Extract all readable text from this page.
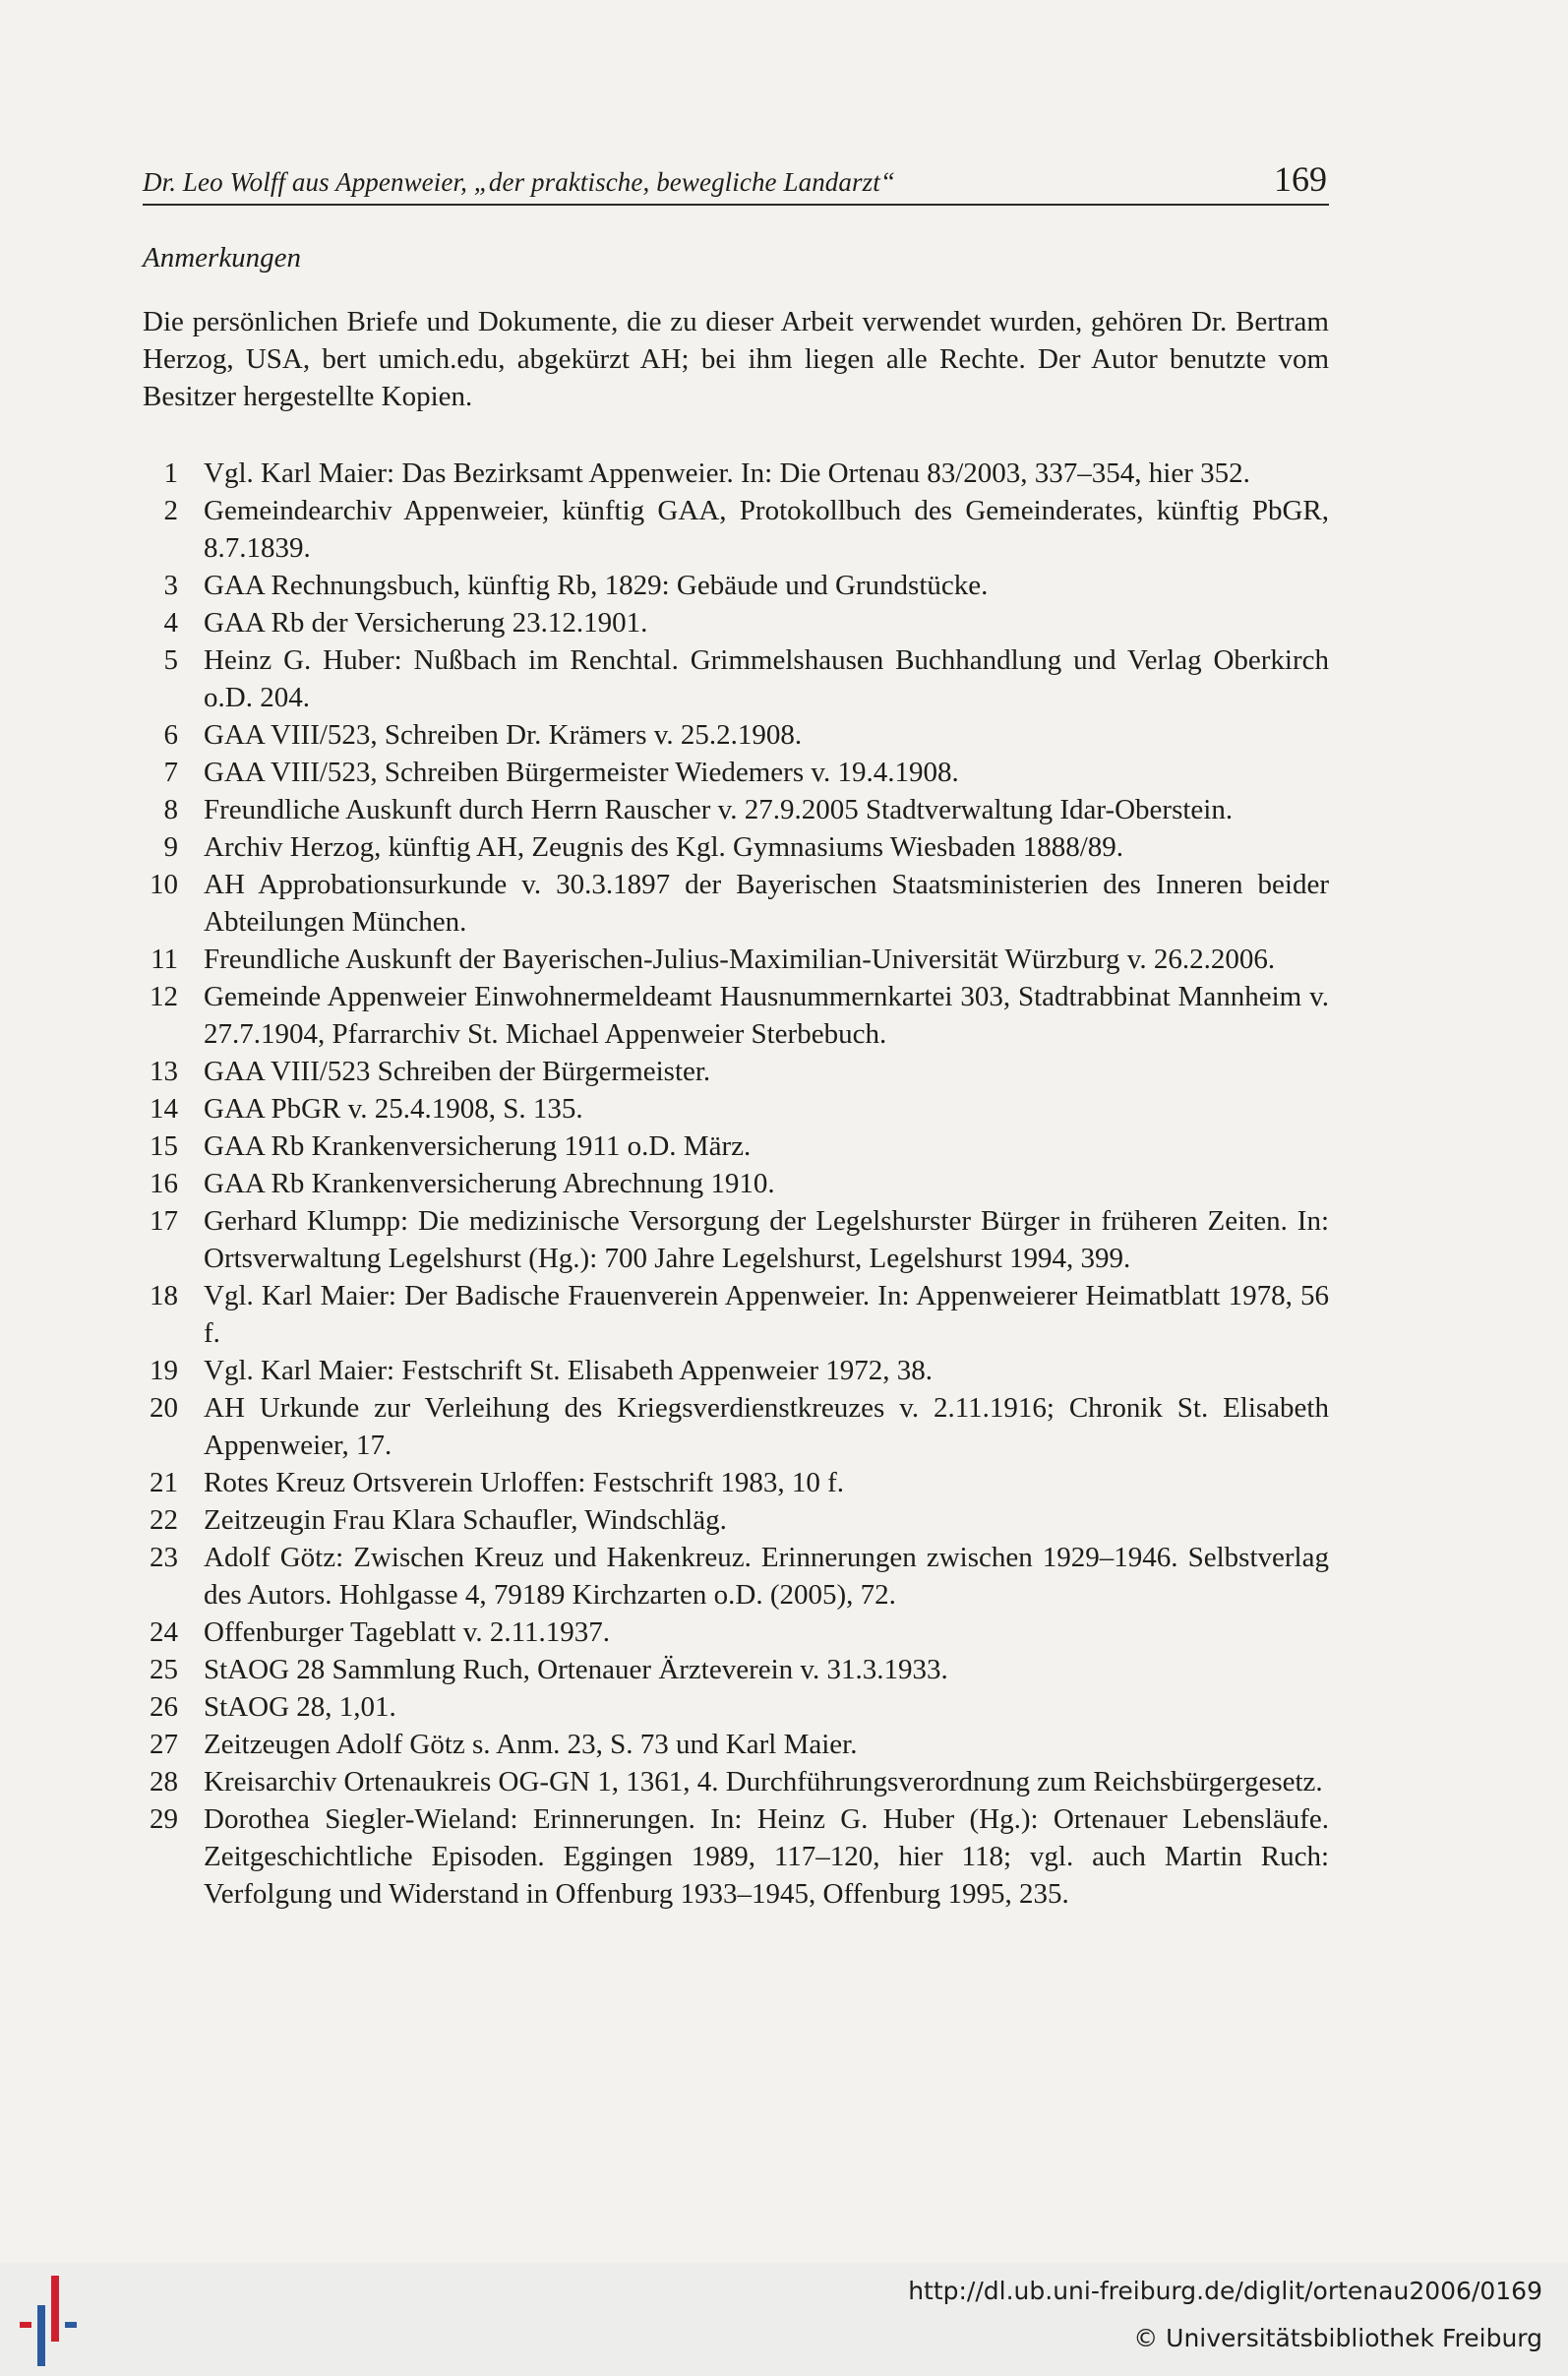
Dr. Leo Wolff aus Appenweier, „der praktische, bewegliche Landarzt“	169
Anmerkungen
Die persönlichen Briefe und Dokumente, die zu dieser Arbeit verwendet wurden, gehören Dr. Bertram Herzog, USA, bert umich.edu, abgekürzt AH; bei ihm liegen alle Rechte. Der Autor benutzte vom Besitzer hergestellte Kopien.
1 Vgl. Karl Maier: Das Bezirksamt Appenweier. In: Die Ortenau 83/2003, 337–354, hier 352.
2 Gemeindearchiv Appenweier, künftig GAA, Protokollbuch des Gemeinderates, künftig PbGR, 8.7.1839.
3 GAA Rechnungsbuch, künftig Rb, 1829: Gebäude und Grundstücke.
4 GAA Rb der Versicherung 23.12.1901.
5 Heinz G. Huber: Nußbach im Renchtal. Grimmelshausen Buchhandlung und Verlag Oberkirch o.D. 204.
6 GAA VIII/523, Schreiben Dr. Krämers v. 25.2.1908.
7 GAA VIII/523, Schreiben Bürgermeister Wiedemers v. 19.4.1908.
8 Freundliche Auskunft durch Herrn Rauscher v. 27.9.2005 Stadtverwaltung Idar-Oberstein.
9 Archiv Herzog, künftig AH, Zeugnis des Kgl. Gymnasiums Wiesbaden 1888/89.
10 AH Approbationsurkunde v. 30.3.1897 der Bayerischen Staatsministerien des Inneren beider Abteilungen München.
11 Freundliche Auskunft der Bayerischen-Julius-Maximilian-Universität Würzburg v. 26.2.2006.
12 Gemeinde Appenweier Einwohnermeldeamt Hausnummernkartei 303, Stadtrabbinat Mannheim v. 27.7.1904, Pfarrarchiv St. Michael Appenweier Sterbebuch.
13 GAA VIII/523 Schreiben der Bürgermeister.
14 GAA PbGR v. 25.4.1908, S. 135.
15 GAA Rb Krankenversicherung 1911 o.D. März.
16 GAA Rb Krankenversicherung Abrechnung 1910.
17 Gerhard Klumpp: Die medizinische Versorgung der Legelshurster Bürger in früheren Zeiten. In: Ortsverwaltung Legelshurst (Hg.): 700 Jahre Legelshurst, Legelshurst 1994, 399.
18 Vgl. Karl Maier: Der Badische Frauenverein Appenweier. In: Appenweierer Heimatblatt 1978, 56 f.
19 Vgl. Karl Maier: Festschrift St. Elisabeth Appenweier 1972, 38.
20 AH Urkunde zur Verleihung des Kriegsverdienstkreuzes v. 2.11.1916; Chronik St. Elisabeth Appenweier, 17.
21 Rotes Kreuz Ortsverein Urloffen: Festschrift 1983, 10 f.
22 Zeitzeugin Frau Klara Schaufler, Windschläg.
23 Adolf Götz: Zwischen Kreuz und Hakenkreuz. Erinnerungen zwischen 1929–1946. Selbstverlag des Autors. Hohlgasse 4, 79189 Kirchzarten o.D. (2005), 72.
24 Offenburger Tageblatt v. 2.11.1937.
25 StAOG 28 Sammlung Ruch, Ortenauer Ärzteverein v. 31.3.1933.
26 StAOG 28, 1,01.
27 Zeitzeugen Adolf Götz s. Anm. 23, S. 73 und Karl Maier.
28 Kreisarchiv Ortenaukreis OG-GN 1, 1361, 4. Durchführungsverordnung zum Reichsbürgergesetz.
29 Dorothea Siegler-Wieland: Erinnerungen. In: Heinz G. Huber (Hg.): Ortenauer Lebensläufe. Zeitgeschichtliche Episoden. Eggingen 1989, 117–120, hier 118; vgl. auch Martin Ruch: Verfolgung und Widerstand in Offenburg 1933–1945, Offenburg 1995, 235.
http://dl.ub.uni-freiburg.de/diglit/ortenau2006/0169
© Universitätsbibliothek Freiburg
